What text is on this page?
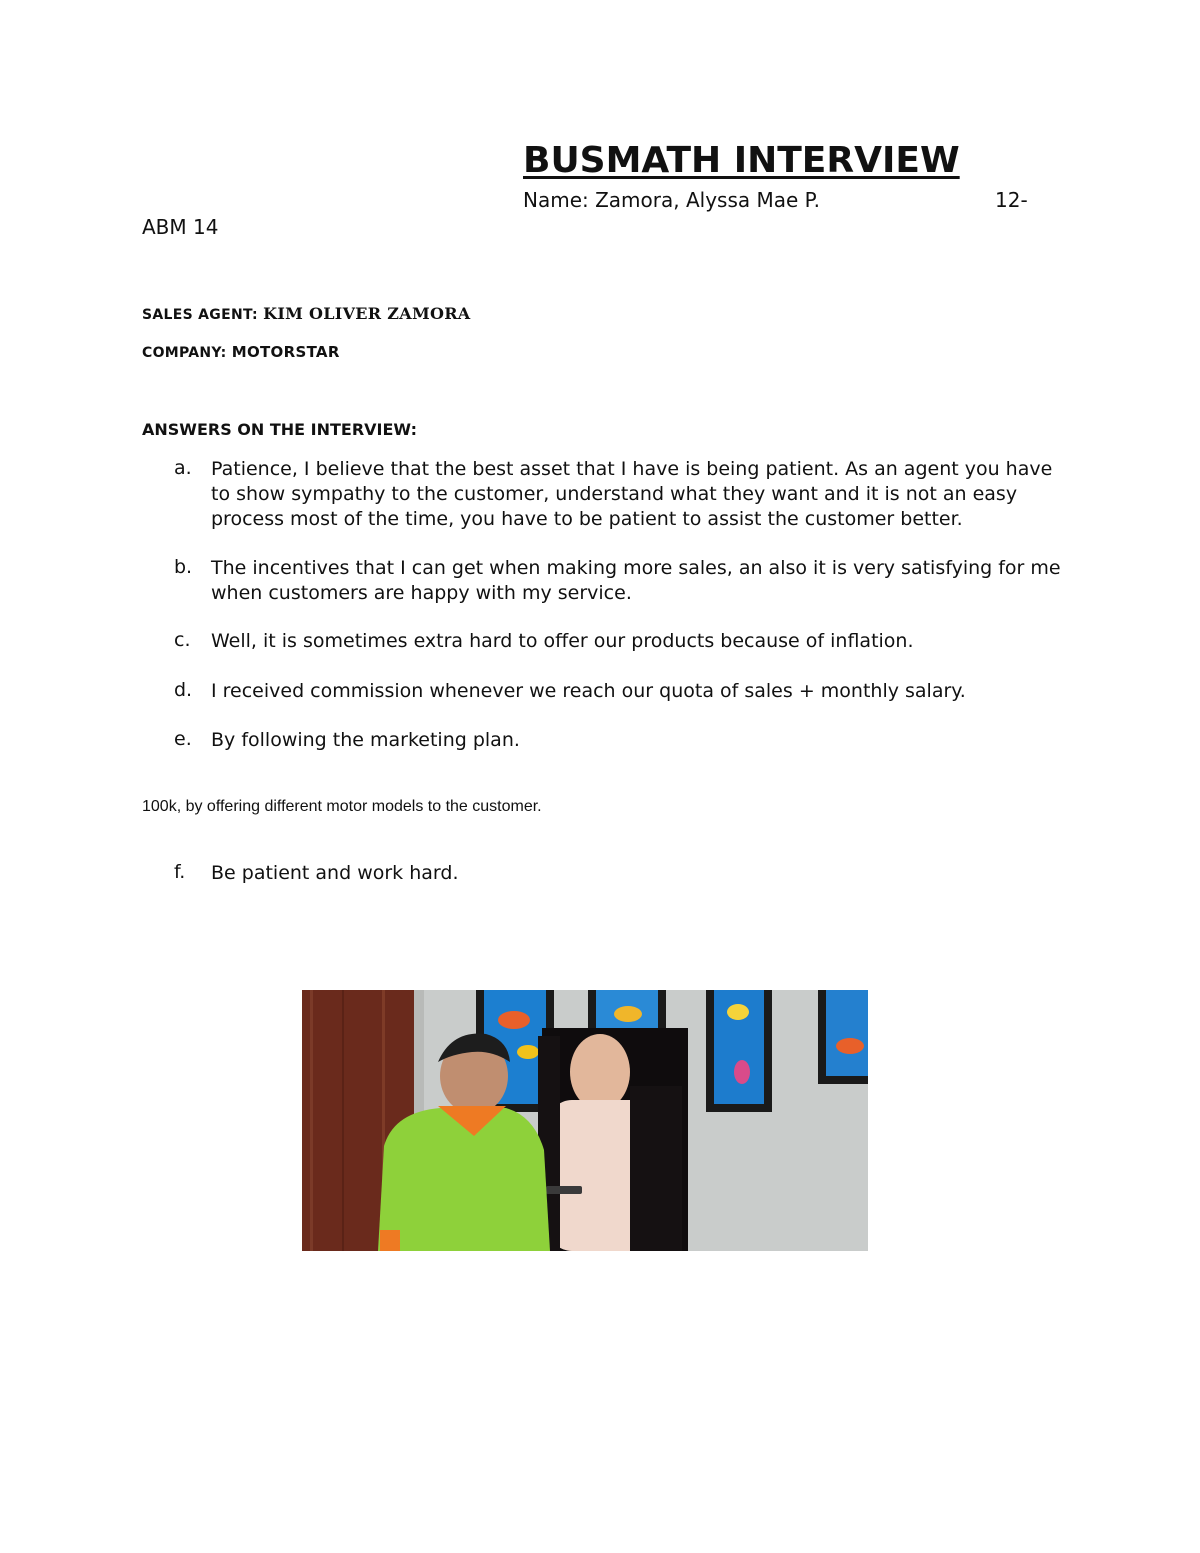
BUSMATH INTERVIEW

Name: Zamora, Alyssa Mae P.	12-

ABM 14

SALES AGENT: KIM OLIVER ZAMORA

COMPANY: MOTORSTAR

ANSWERS ON THE INTERVIEW:

a. Patience, I believe that the best asset that I have is being patient. As an agent you have to show sympathy to the customer, understand what they want and it is not an easy process most of the time, you have to be patient to assist the customer better.
b. The incentives that I can get when making more sales, an also it is very satisfying for me when customers are happy with my service.
c. Well, it is sometimes extra hard to offer our products because of inflation.
d. I received commission whenever we reach our quota of sales + monthly salary.
e. By following the marketing plan.

100k, by offering different motor models to the customer.

f. Be patient and work hard.
